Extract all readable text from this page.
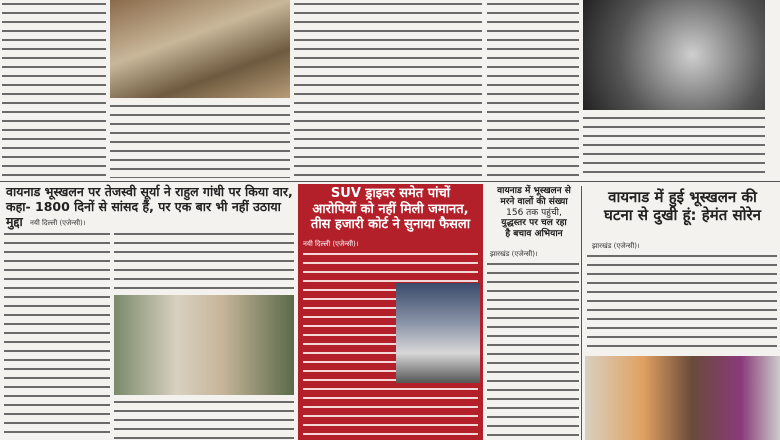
वायनाड भूस्खलन पर तेजस्वी सूर्या ने राहुल गांधी पर किया वार,
कहा- 1800 दिनों से सांसद हैं, पर एक बार भी नहीं उठाया मुद्दा	नयी दिल्ली (एजेन्सी)।
SUV ड्राइवर समेत पांचों
आरोपियों को नहीं मिली जमानत,
तीस हजारी कोर्ट ने सुनाया फैसला
नयी दिल्ली (एजेन्सी)।
वायनाड में भूस्खलन से
मरने वालों की संख्या
156 तक पहुंची,
युद्धस्तर पर चल रहा
है बचाव अभियान
झारखंड (एजेन्सी)।
वायनाड में हुई भूस्खलन की
घटना से दुखी हूं: हेमंत सोरेन
झारखंड (एजेन्सी)।
